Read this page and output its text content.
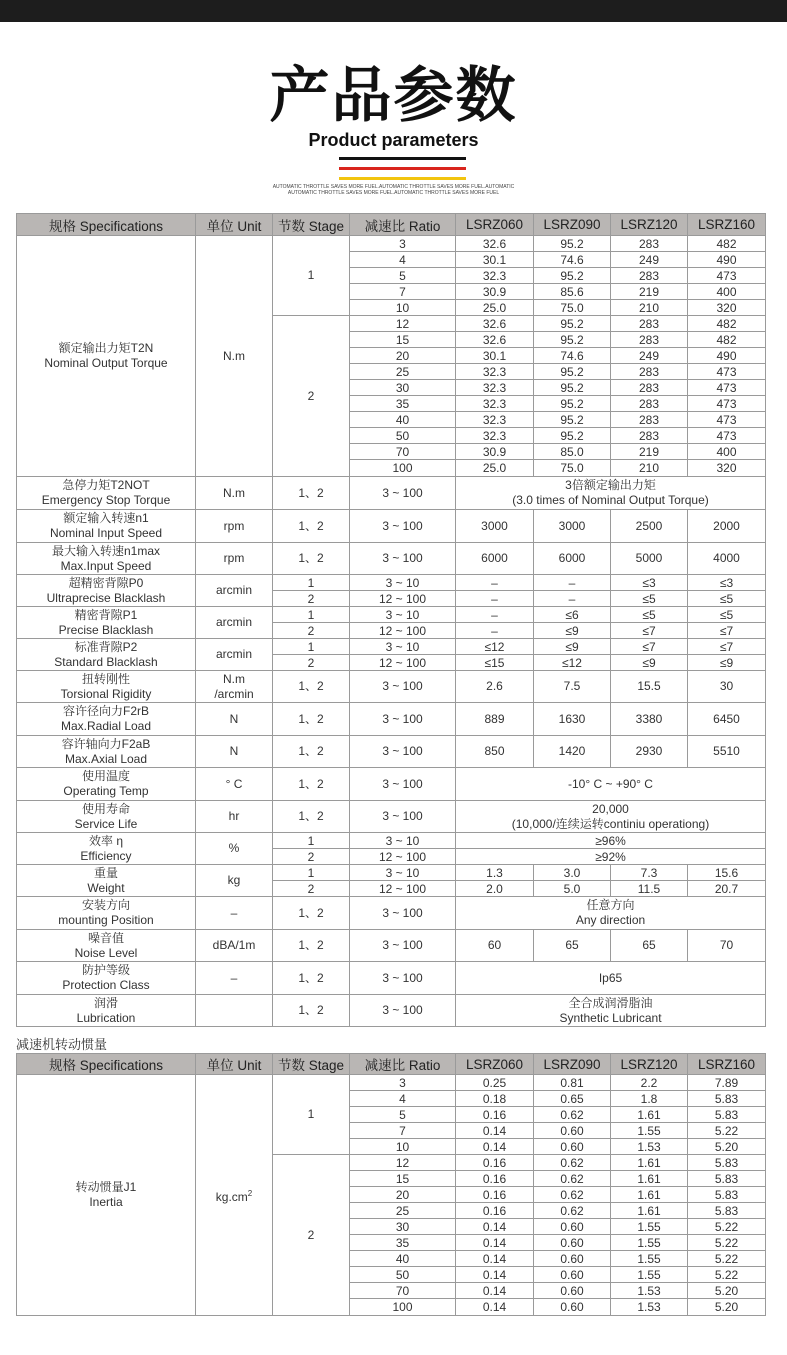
产品参数
Product parameters
AUTOMATIC THROTTLE SAVES MORE FUEL.AUTOMATIC THROTTLE SAVES MORE FUEL.AUTOMATIC
AUTOMATIC THROTTLE SAVES MORE FUEL.AUTOMATIC THROTTLE SAVES MORE FUEL
规格 Specifications	单位 Unit	节数 Stage	减速比 Ratio	LSRZ060	LSRZ090	LSRZ120	LSRZ160

额定输出力矩T2N
Nominal Output Torque	N.m	1	3	32.6	95.2	283	482
			4	30.1	74.6	249	490
			5	32.3	95.2	283	473
			7	30.9	85.6	219	400
			10	25.0	75.0	210	320
		2	12	32.6	95.2	283	482
			15	32.6	95.2	283	482
			20	30.1	74.6	249	490
			25	32.3	95.2	283	473
			30	32.3	95.2	283	473
			35	32.3	95.2	283	473
			40	32.3	95.2	283	473
			50	32.3	95.2	283	473
			70	30.9	85.0	219	400
			100	25.0	75.0	210	320

急停力矩T2NOT
Emergency Stop Torque	N.m	1、2	3 ~ 100	3倍额定输出力矩
(3.0 times of Nominal Output Torque)			

额定输入转速n1
Nominal Input Speed	rpm	1、2	3 ~ 100	3000	3000	2500	2000

最大输入转速n1max
Max.Input Speed	rpm	1、2	3 ~ 100	6000	6000	5000	4000

超精密背隙P0
Ultraprecise Blacklash	arcmin	1	3 ~ 10	–	–	≤3	≤3
		2	12 ~ 100	–	–	≤5	≤5

精密背隙P1
Precise Blacklash	arcmin	1	3 ~ 10	–	≤6	≤5	≤5
		2	12 ~ 100	–	≤9	≤7	≤7

标准背隙P2
Standard Blacklash	arcmin	1	3 ~ 10	≤12	≤9	≤7	≤7
		2	12 ~ 100	≤15	≤12	≤9	≤9

扭转刚性
Torsional Rigidity	N.m
/arcmin	1、2	3 ~ 100	2.6	7.5	15.5	30

容许径向力F2rB
Max.Radial Load	N	1、2	3 ~ 100	889	1630	3380	6450

容许轴向力F2aB
Max.Axial Load	N	1、2	3 ~ 100	850	1420	2930	5510

使用温度
Operating Temp	° C	1、2	3 ~ 100	-10° C ~ +90° C			

使用寿命
Service Life	hr	1、2	3 ~ 100	20,000
(10,000/连续运转continiu operationg)			

效率 η
Efficiency	%	1	3 ~ 10	≥96%			
		2	12 ~ 100	≥92%			

重量
Weight	kg	1	3 ~ 10	1.3	3.0	7.3	15.6
		2	12 ~ 100	2.0	5.0	11.5	20.7

安装方向
mounting Position	–	1、2	3 ~ 100	任意方向
Any direction			

噪音值
Noise Level	dBA/1m	1、2	3 ~ 100	60	65	65	70

防护等级
Protection Class	–	1、2	3 ~ 100	Ip65			

润滑
Lubrication		1、2	3 ~ 100	全合成润滑脂油
Synthetic Lubricant			
减速机转动惯量
规格 Specifications	单位 Unit	节数 Stage	减速比 Ratio	LSRZ060	LSRZ090	LSRZ120	LSRZ160

转动惯量J1
Inertia	$kg.cm^2$	1	3	0.25	0.81	2.2	7.89
			4	0.18	0.65	1.8	5.83
			5	0.16	0.62	1.61	5.83
			7	0.14	0.60	1.55	5.22
			10	0.14	0.60	1.53	5.20
		2	12	0.16	0.62	1.61	5.83
			15	0.16	0.62	1.61	5.83
			20	0.16	0.62	1.61	5.83
			25	0.16	0.62	1.61	5.83
			30	0.14	0.60	1.55	5.22
			35	0.14	0.60	1.55	5.22
			40	0.14	0.60	1.55	5.22
			50	0.14	0.60	1.55	5.22
			70	0.14	0.60	1.53	5.20
			100	0.14	0.60	1.53	5.20
